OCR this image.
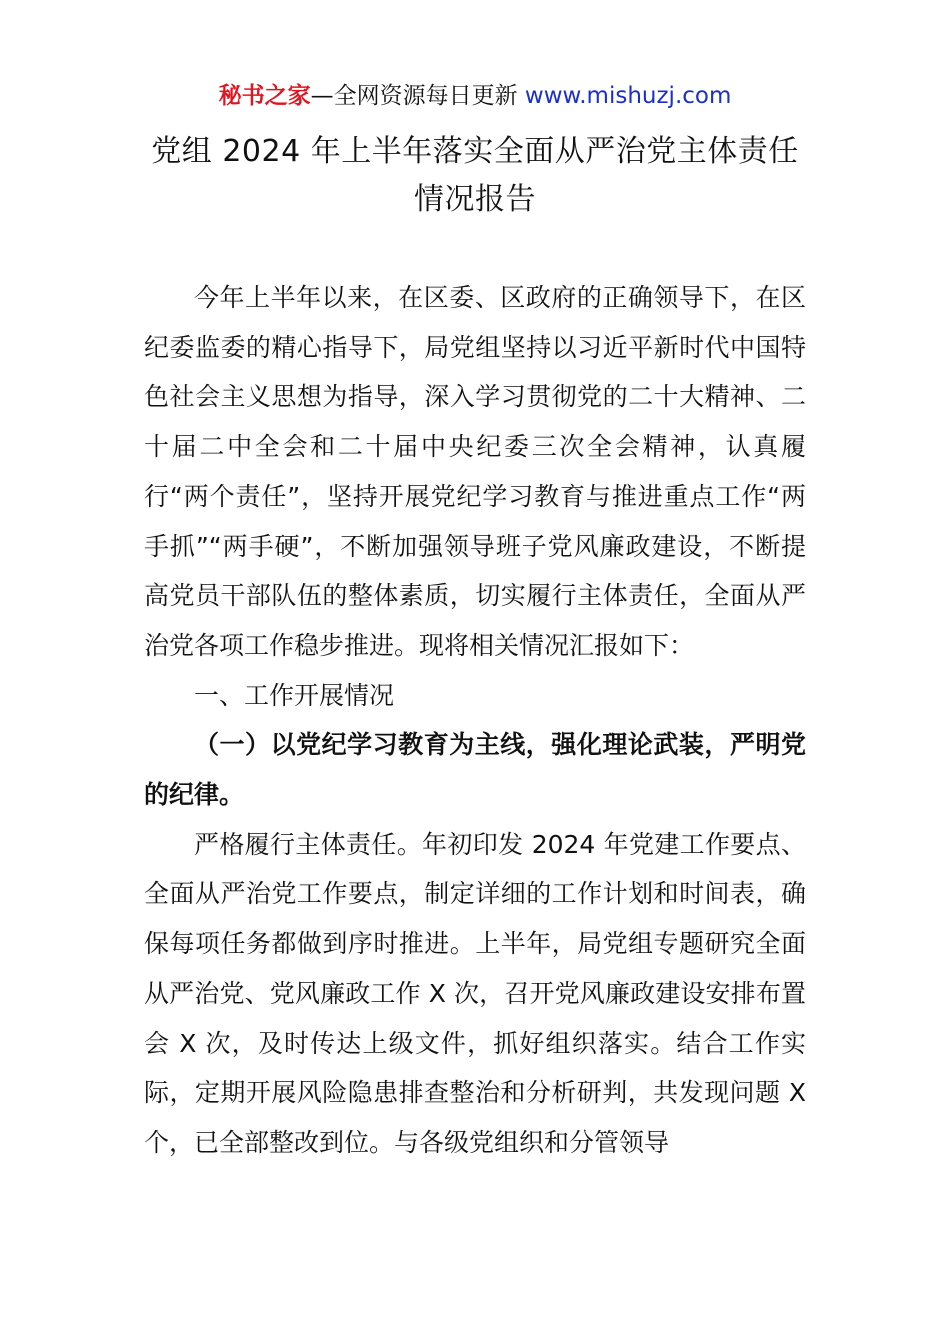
秘书之家—全网资源每日更新 www.mishuzj.com
党组 2024 年上半年落实全面从严治党主体责任
情况报告

今年上半年以来，在区委、区政府的正确领导下，在区纪委监委的精心指导下，局党组坚持以习近平新时代中国特色社会主义思想为指导，深入学习贯彻党的二十大精神、二十届二中全会和二十届中央纪委三次全会精神，认真履行“两个责任”，坚持开展党纪学习教育与推进重点工作“两手抓”“两手硬”，不断加强领导班子党风廉政建设，不断提高党员干部队伍的整体素质，切实履行主体责任，全面从严治党各项工作稳步推进。现将相关情况汇报如下：

一、工作开展情况

（一）以党纪学习教育为主线，强化理论武装，严明党的纪律。

严格履行主体责任。年初印发 2024 年党建工作要点、全面从严治党工作要点，制定详细的工作计划和时间表，确保每项任务都做到序时推进。上半年，局党组专题研究全面从严治党、党风廉政工作 X 次，召开党风廉政建设安排布置会 X 次，及时传达上级文件，抓好组织落实。结合工作实际，定期开展风险隐患排查整治和分析研判，共发现问题 X 个，已全部整改到位。与各级党组织和分管领导
